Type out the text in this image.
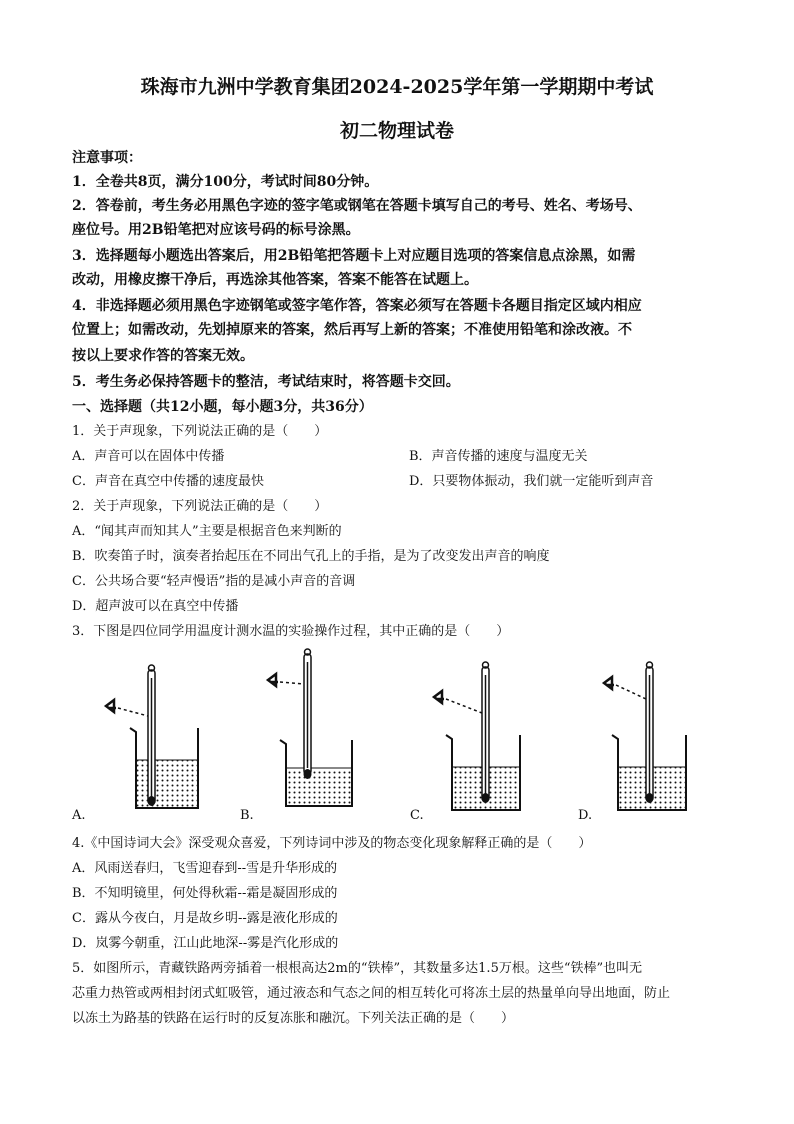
珠海市九洲中学教育集团2024-2025学年第一学期期中考试
初二物理试卷
注意事项：
1．全卷共8页，满分100分，考试时间80分钟。
2．答卷前，考生务必用黑色字迹的签字笔或钢笔在答题卡填写自己的考号、姓名、考场号、
座位号。用2B铅笔把对应该号码的标号涂黑。
3．选择题每小题选出答案后，用2B铅笔把答题卡上对应题目选项的答案信息点涂黑，如需
改动，用橡皮擦干净后，再选涂其他答案，答案不能答在试题上。
4．非选择题必须用黑色字迹钢笔或签字笔作答，答案必须写在答题卡各题目指定区域内相应
位置上；如需改动，先划掉原来的答案，然后再写上新的答案；不准使用铅笔和涂改液。不
按以上要求作答的答案无效。
5．考生务必保持答题卡的整洁，考试结束时，将答题卡交回。
一、选择题（共12小题，每小题3分，共36分）
1．关于声现象，下列说法正确的是（　　）
A．声音可以在固体中传播	B．声音传播的速度与温度无关
C．声音在真空中传播的速度最快	D．只要物体振动，我们就一定能听到声音
2．关于声现象，下列说法正确的是（　　）
A．“闻其声而知其人”主要是根据音色来判断的
B．吹奏笛子时，演奏者抬起压在不同出气孔上的手指，是为了改变发出声音的响度
C．公共场合要“轻声慢语”指的是减小声音的音调
D．超声波可以在真空中传播
3．下图是四位同学用温度计测水温的实验操作过程，其中正确的是（　　）
A.	B.	C.	D.
4.《中国诗词大会》深受观众喜爱，下列诗词中涉及的物态变化现象解释正确的是（　　）
A．风雨送春归，飞雪迎春到--雪是升华形成的
B．不知明镜里，何处得秋霜--霜是凝固形成的
C．露从今夜白，月是故乡明--露是液化形成的
D．岚雾今朝重，江山此地深--雾是汽化形成的
5．如图所示，青藏铁路两旁插着一根根高达2m的“铁棒”，其数量多达1.5万根。这些“铁棒”也叫无
芯重力热管或两相封闭式虹吸管，通过液态和气态之间的相互转化可将冻土层的热量单向导出地面，防止
以冻土为路基的铁路在运行时的反复冻胀和融沉。下列关法正确的是（　　）
